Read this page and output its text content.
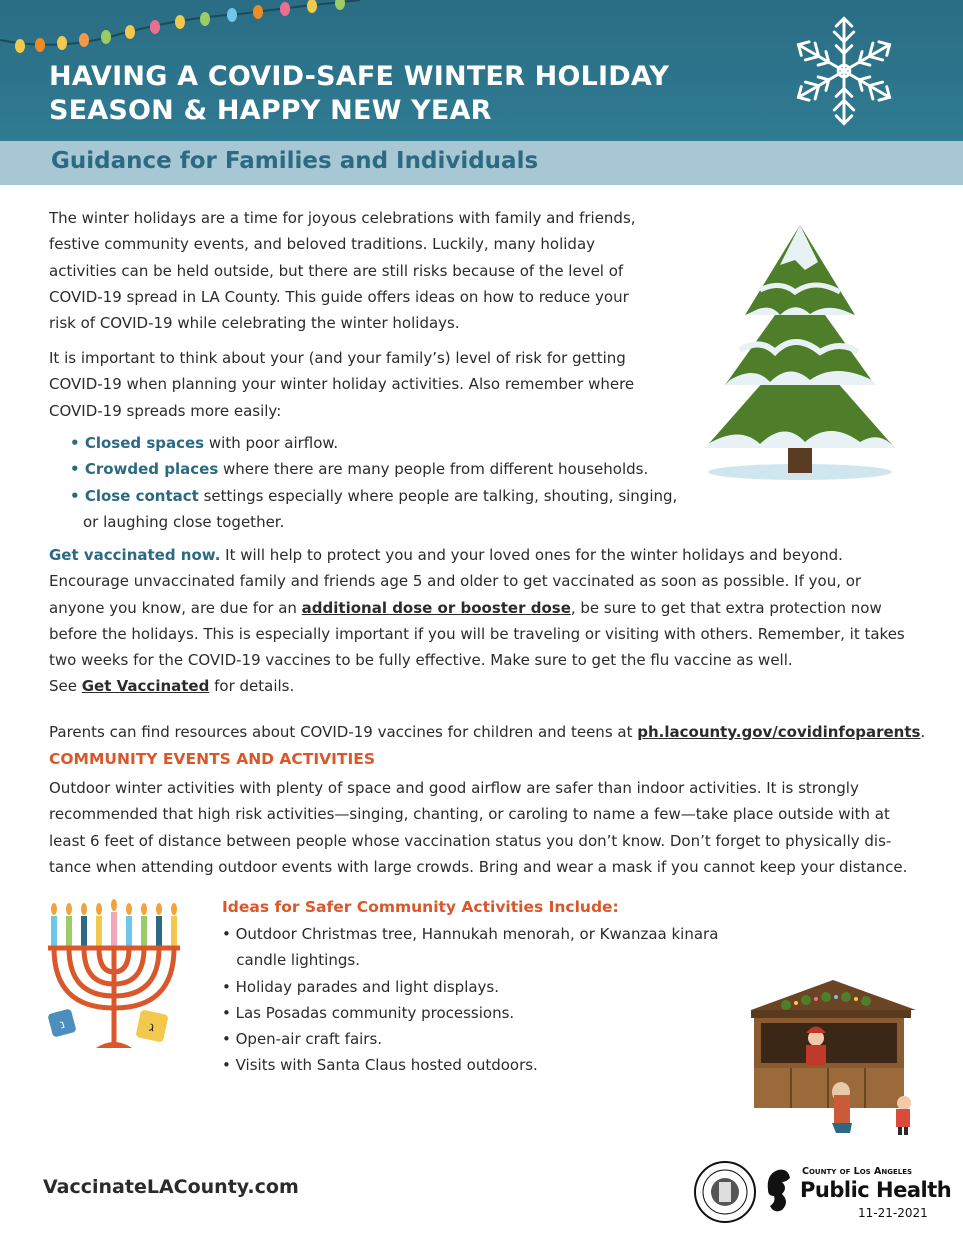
HAVING A COVID-SAFE WINTER HOLIDAY
SEASON & HAPPY NEW YEAR
Guidance for Families and Individuals
The winter holidays are a time for joyous celebrations with family and friends,
festive community events, and beloved traditions. Luckily, many holiday
activities can be held outside, but there are still risks because of the level of
COVID-19 spread in LA County. This guide offers ideas on how to reduce your
risk of COVID-19 while celebrating the winter holidays.
It is important to think about your (and your family’s) level of risk for getting
COVID-19 when planning your winter holiday activities. Also remember where
COVID-19 spreads more easily:
• Closed spaces with poor airflow.
• Crowded places where there are many people from different households.
• Close contact settings especially where people are talking, shouting, singing,
or laughing close together.
Get vaccinated now. It will help to protect you and your loved ones for the winter holidays and beyond.
Encourage unvaccinated family and friends age 5 and older to get vaccinated as soon as possible. If you, or
anyone you know, are due for an additional dose or booster dose, be sure to get that extra protection now
before the holidays. This is especially important if you will be traveling or visiting with others. Remember, it takes
two weeks for the COVID-19 vaccines to be fully effective. Make sure to get the flu vaccine as well.
See Get Vaccinated for details.
Parents can find resources about COVID-19 vaccines for children and teens at ph.lacounty.gov/covidinfoparents.
COMMUNITY EVENTS AND ACTIVITIES
Outdoor winter activities with plenty of space and good airflow are safer than indoor activities. It is strongly
recommended that high risk activities—singing, chanting, or caroling to name a few—take place outside with at
least 6 feet of distance between people whose vaccination status you don’t know. Don’t forget to physically dis-
tance when attending outdoor events with large crowds. Bring and wear a mask if you cannot keep your distance.
נ	ג
Ideas for Safer Community Activities Include:
• Outdoor Christmas tree, Hannukah menorah, or Kwanzaa kinara
candle lightings.
• Holiday parades and light displays.
• Las Posadas community processions.
• Open-air craft fairs.
• Visits with Santa Claus hosted outdoors.
VaccinateLACounty.com
County of Los Angeles
Public Health
11-21-2021
